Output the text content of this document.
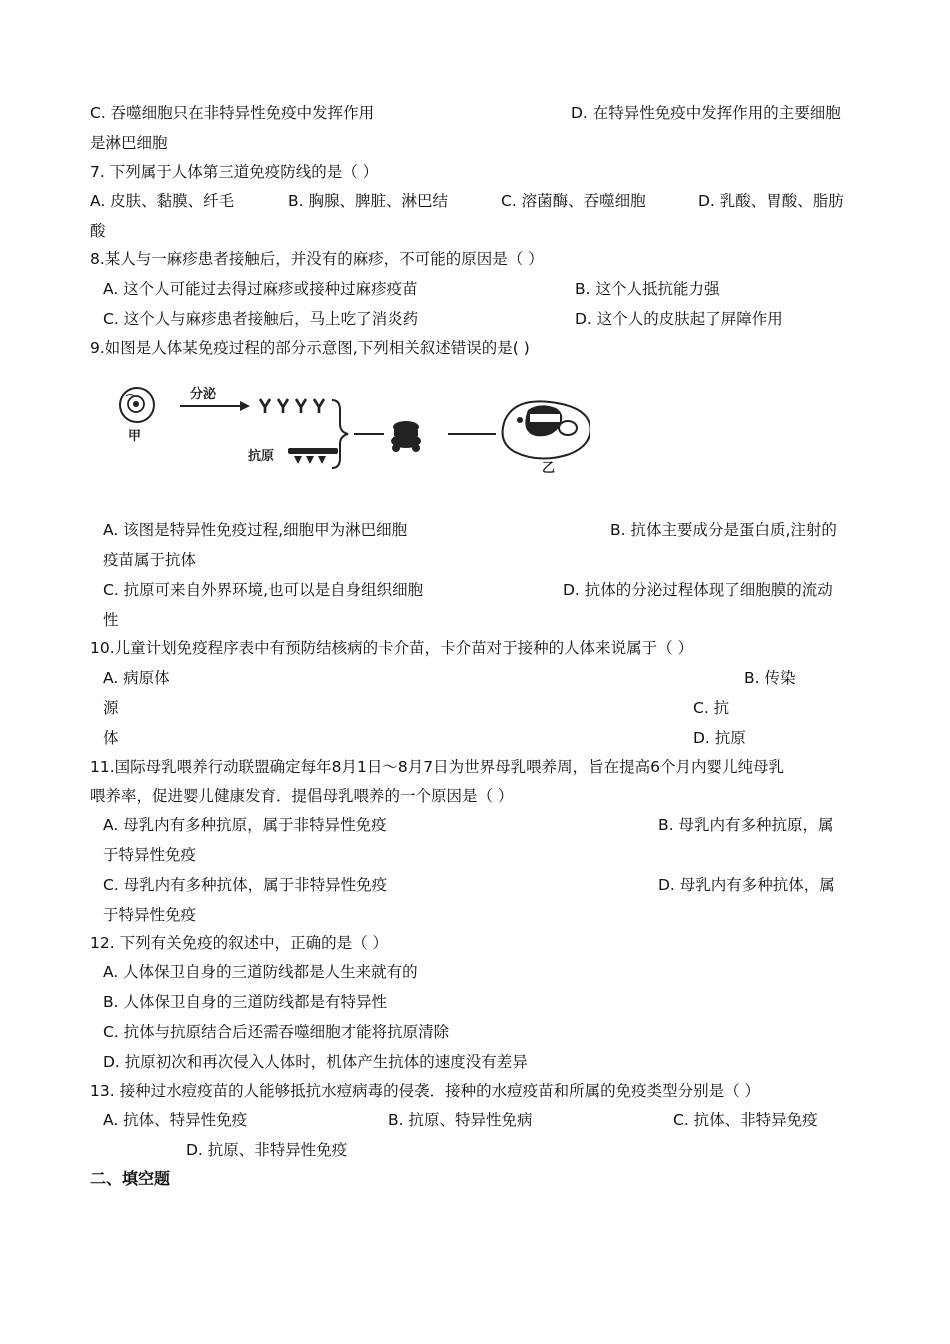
C. 吞噬细胞只在非特异性免疫中发挥作用	D. 在特异性免疫中发挥作用的主要细胞
是淋巴细胞
7. 下列属于人体第三道免疫防线的是（ ）
A. 皮肤、黏膜、纤毛	B. 胸腺、脾脏、淋巴结	C. 溶菌酶、吞噬细胞	D. 乳酸、胃酸、脂肪
酸
8.某人与一麻疹患者接触后，并没有的麻疹，不可能的原因是（ ）
A. 这个人可能过去得过麻疹或接种过麻疹疫苗	B. 这个人抵抗能力强
C. 这个人与麻疹患者接触后，马上吃了消炎药	D. 这个人的皮肤起了屏障作用
9.如图是人体某免疫过程的部分示意图,下列相关叙述错误的是( )
甲
分泌
抗原
乙
A. 该图是特异性免疫过程,细胞甲为淋巴细胞	B. 抗体主要成分是蛋白质,注射的
疫苗属于抗体
C. 抗原可来自外界环境,也可以是自身组织细胞	D. 抗体的分泌过程体现了细胞膜的流动
性
10.儿童计划免疫程序表中有预防结核病的卡介苗，卡介苗对于接种的人体来说属于（ ）
A. 病原体	B. 传染
源	C. 抗
体	D. 抗原
11.国际母乳喂养行动联盟确定每年8月1日～8月7日为世界母乳喂养周，旨在提高6个月内婴儿纯母乳
喂养率，促进婴儿健康发育．提倡母乳喂养的一个原因是（ ）
A. 母乳内有多种抗原，属于非特异性免疫	B. 母乳内有多种抗原，属
于特异性免疫
C. 母乳内有多种抗体，属于非特异性免疫	D. 母乳内有多种抗体，属
于特异性免疫
12. 下列有关免疫的叙述中，正确的是（ ）
A. 人体保卫自身的三道防线都是人生来就有的
B. 人体保卫自身的三道防线都是有特异性
C. 抗体与抗原结合后还需吞噬细胞才能将抗原清除
D. 抗原初次和再次侵入人体时，机体产生抗体的速度没有差异
13. 接种过水痘疫苗的人能够抵抗水痘病毒的侵袭．接种的水痘疫苗和所属的免疫类型分别是（ ）
A. 抗体、特异性免疫	B. 抗原、特异性免病	C. 抗体、非特异免疫
D. 抗原、非特异性免疫
二、填空题
